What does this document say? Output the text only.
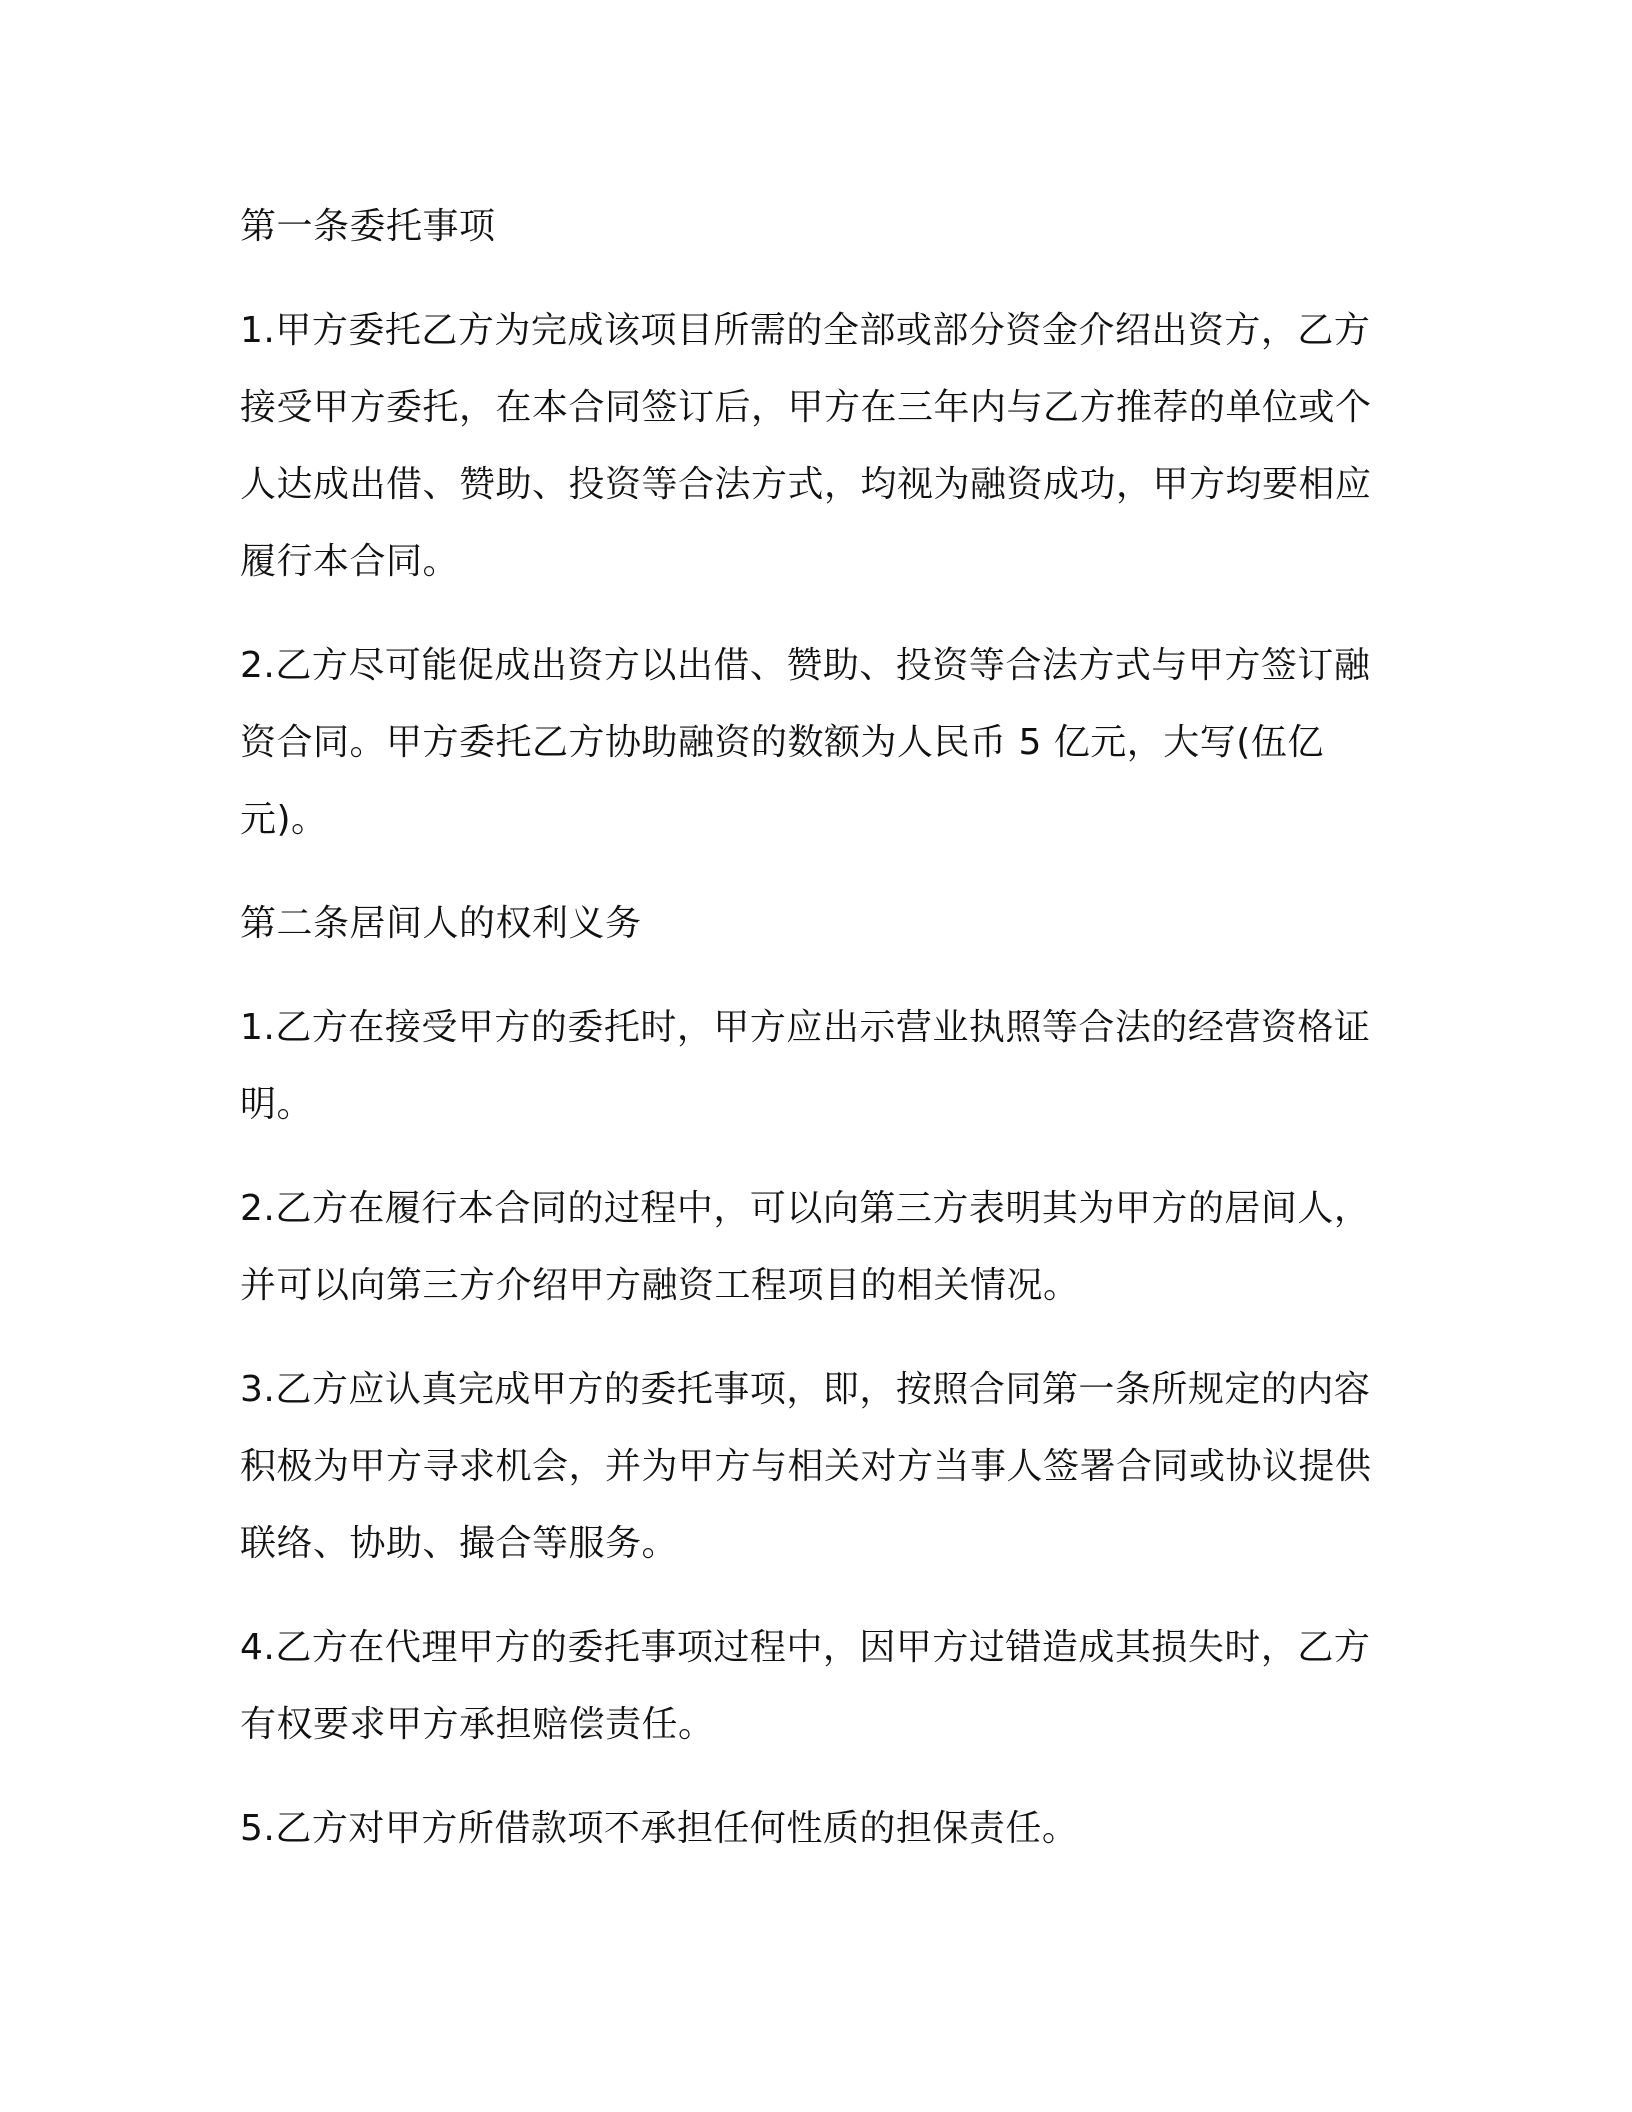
第一条委托事项

1.甲方委托乙方为完成该项目所需的全部或部分资金介绍出资方，乙方接受甲方委托，在本合同签订后，甲方在三年内与乙方推荐的单位或个人达成出借、赞助、投资等合法方式，均视为融资成功，甲方均要相应履行本合同。

2.乙方尽可能促成出资方以出借、赞助、投资等合法方式与甲方签订融资合同。甲方委托乙方协助融资的数额为人民币 5 亿元，大写(伍亿元)。

第二条居间人的权利义务

1.乙方在接受甲方的委托时，甲方应出示营业执照等合法的经营资格证明。

2.乙方在履行本合同的过程中，可以向第三方表明其为甲方的居间人，并可以向第三方介绍甲方融资工程项目的相关情况。

3.乙方应认真完成甲方的委托事项，即，按照合同第一条所规定的内容积极为甲方寻求机会，并为甲方与相关对方当事人签署合同或协议提供联络、协助、撮合等服务。

4.乙方在代理甲方的委托事项过程中，因甲方过错造成其损失时，乙方有权要求甲方承担赔偿责任。

5.乙方对甲方所借款项不承担任何性质的担保责任。
